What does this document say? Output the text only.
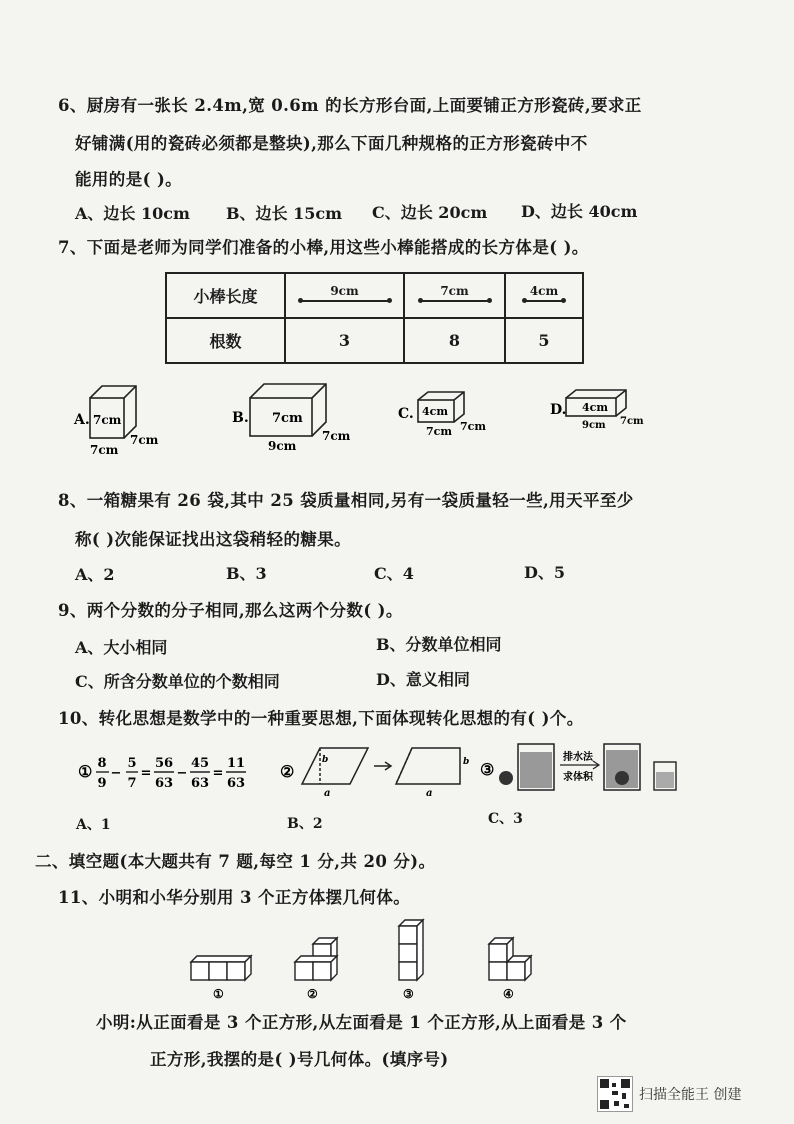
6、厨房有一张长 2.4m,宽 0.6m 的长方形台面,上面要铺正方形瓷砖,要求正
好铺满(用的瓷砖必须都是整块),那么下面几种规格的正方形瓷砖中不
能用的是( )。
A、边长 10cm B、边长 15cm C、边长 20cm D、边长 40cm
7、下面是老师为同学们准备的小棒,用这些小棒能搭成的长方体是( )。
小棒长度	9cm	7cm	4cm

根数	3	8	5
A. 7cm
7cm
7cm
B. 7cm
7cm
9cm
C. 4cm
7cm
7cm
D. 4cm
7cm
9cm
8、一箱糖果有 26 袋,其中 25 袋质量相同,另有一袋质量轻一些,用天平至少
称( )次能保证找出这袋稍轻的糖果。
A、2	B、3	C、4	D、5
9、两个分数的分子相同,那么这两个分数( )。
A、大小相同	B、分数单位相同
C、所含分数单位的个数相同	D、意义相同
10、转化思想是数学中的一种重要思想,下面体现转化思想的有( )个。
① 8
9
−
5
7
=
56
63
−
45
63
=
11
63
②
b
a
b
a
③
排水法
求体积
A、1	B、2	C、3
二、填空题(本大题共有 7 题,每空 1 分,共 20 分)。
11、小明和小华分别用 3 个正方体摆几何体。
①	②	③	④
小明:从正面看是 3 个正方形,从左面看是 1 个正方形,从上面看是 3 个
正方形,我摆的是( )号几何体。(填序号)
扫描全能王 创建
